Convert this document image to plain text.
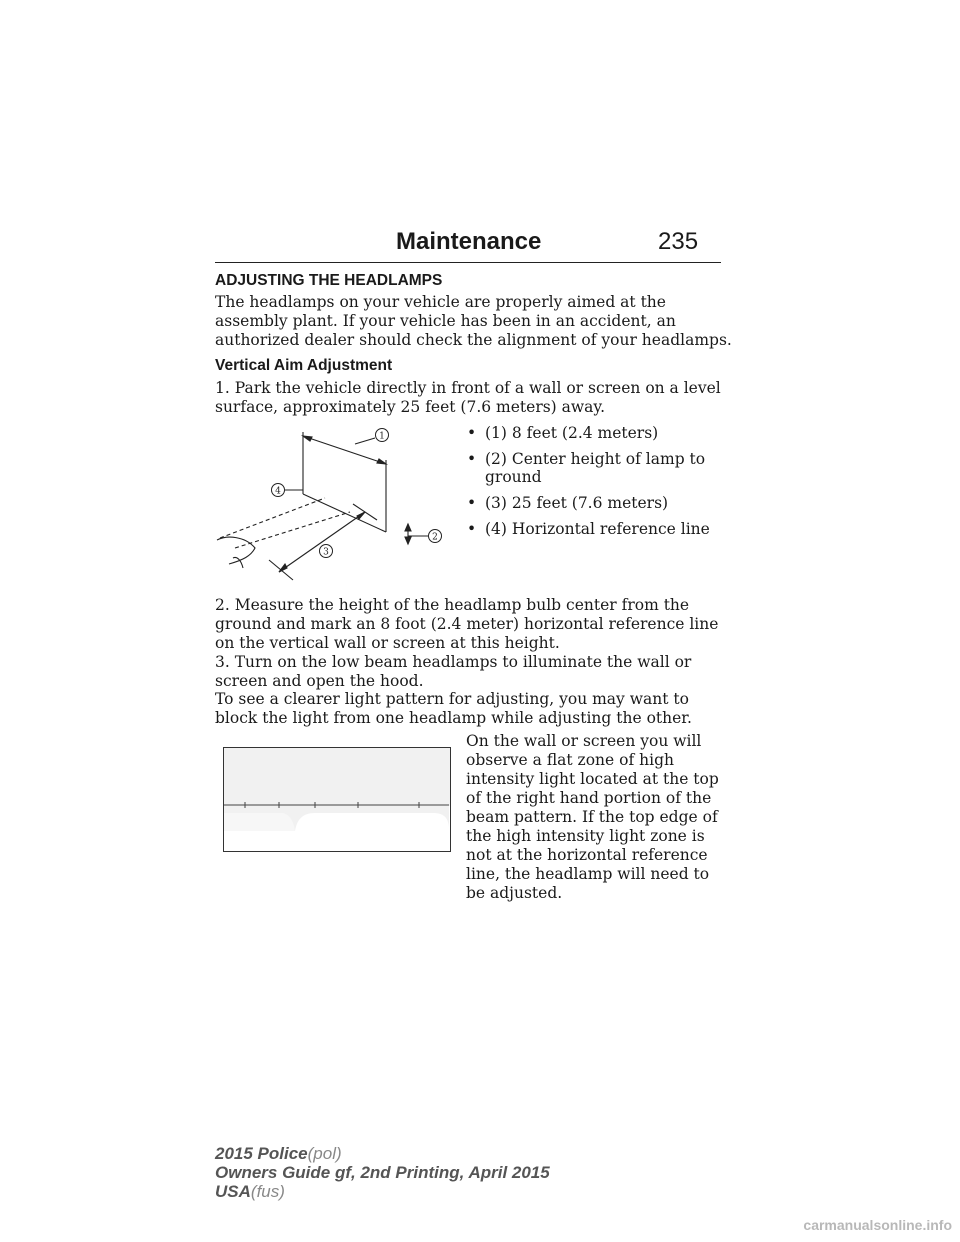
Maintenance	235
ADJUSTING THE HEADLAMPS

The headlamps on your vehicle are properly aimed at the assembly plant. If your vehicle has been in an accident, an authorized dealer should check the alignment of your headlamps.

Vertical Aim Adjustment

1. Park the vehicle directly in front of a wall or screen on a level surface, approximately 25 feet (7.6 meters) away.

1
2
3
4
• (1) 8 feet (2.4 meters)
• (2) Center height of lamp to ground
• (3) 25 feet (7.6 meters)
• (4) Horizontal reference line

2. Measure the height of the headlamp bulb center from the ground and mark an 8 foot (2.4 meter) horizontal reference line on the vertical wall or screen at this height.

3. Turn on the low beam headlamps to illuminate the wall or screen and open the hood.

To see a clearer light pattern for adjusting, you may want to block the light from one headlamp while adjusting the other.

On the wall or screen you will observe a flat zone of high intensity light located at the top of the right hand portion of the beam pattern. If the top edge of the high intensity light zone is not at the horizontal reference line, the headlamp will need to be adjusted.

2015 Police(pol)
Owners Guide gf, 2nd Printing, April 2015
USA(fus)
carmanualsonline.info
